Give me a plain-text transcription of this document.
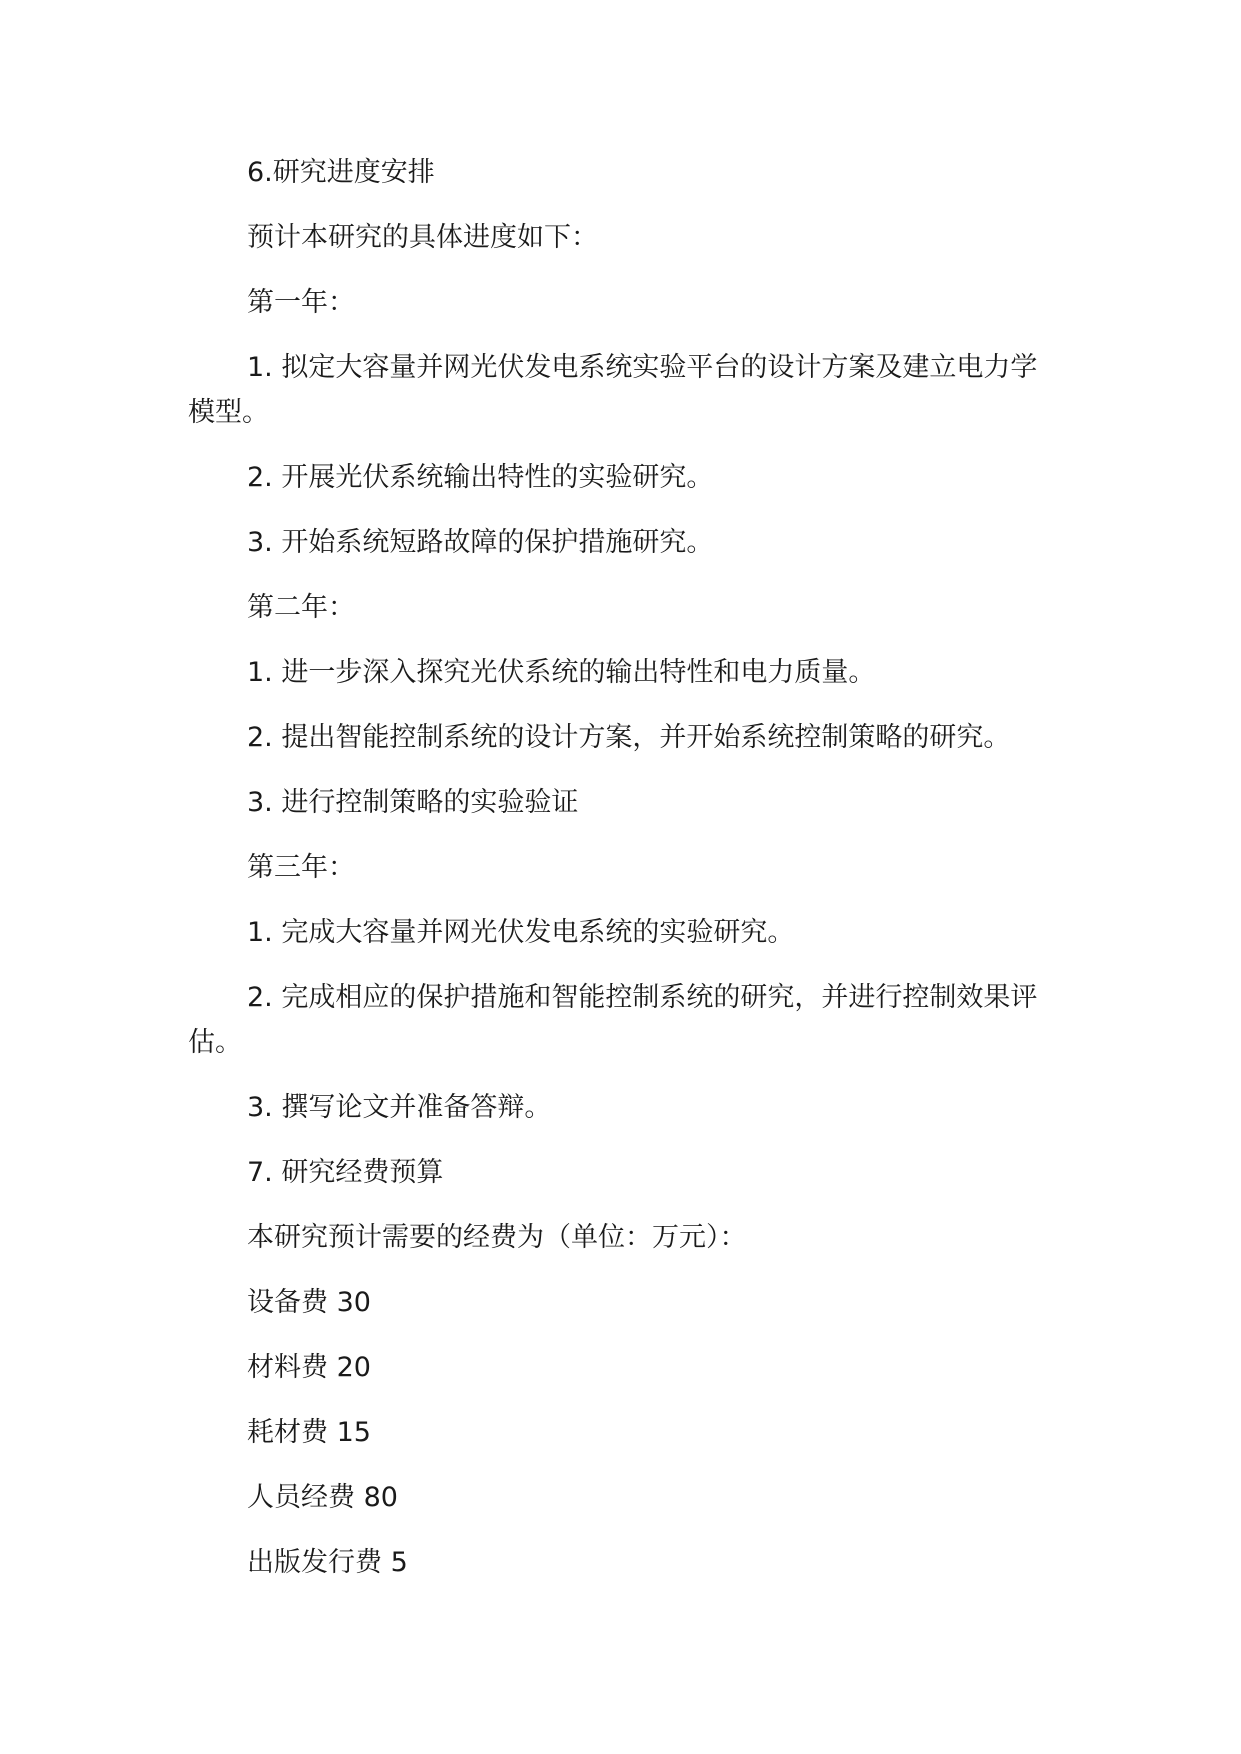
6.研究进度安排

预计本研究的具体进度如下：

第一年：

1. 拟定大容量并网光伏发电系统实验平台的设计方案及建立电力学模型。

2. 开展光伏系统输出特性的实验研究。

3. 开始系统短路故障的保护措施研究。

第二年：

1. 进一步深入探究光伏系统的输出特性和电力质量。

2. 提出智能控制系统的设计方案，并开始系统控制策略的研究。

3. 进行控制策略的实验验证

第三年：

1. 完成大容量并网光伏发电系统的实验研究。

2. 完成相应的保护措施和智能控制系统的研究，并进行控制效果评估。

3. 撰写论文并准备答辩。

7. 研究经费预算

本研究预计需要的经费为（单位：万元）：

设备费 30

材料费 20

耗材费 15

人员经费 80

出版发行费 5
